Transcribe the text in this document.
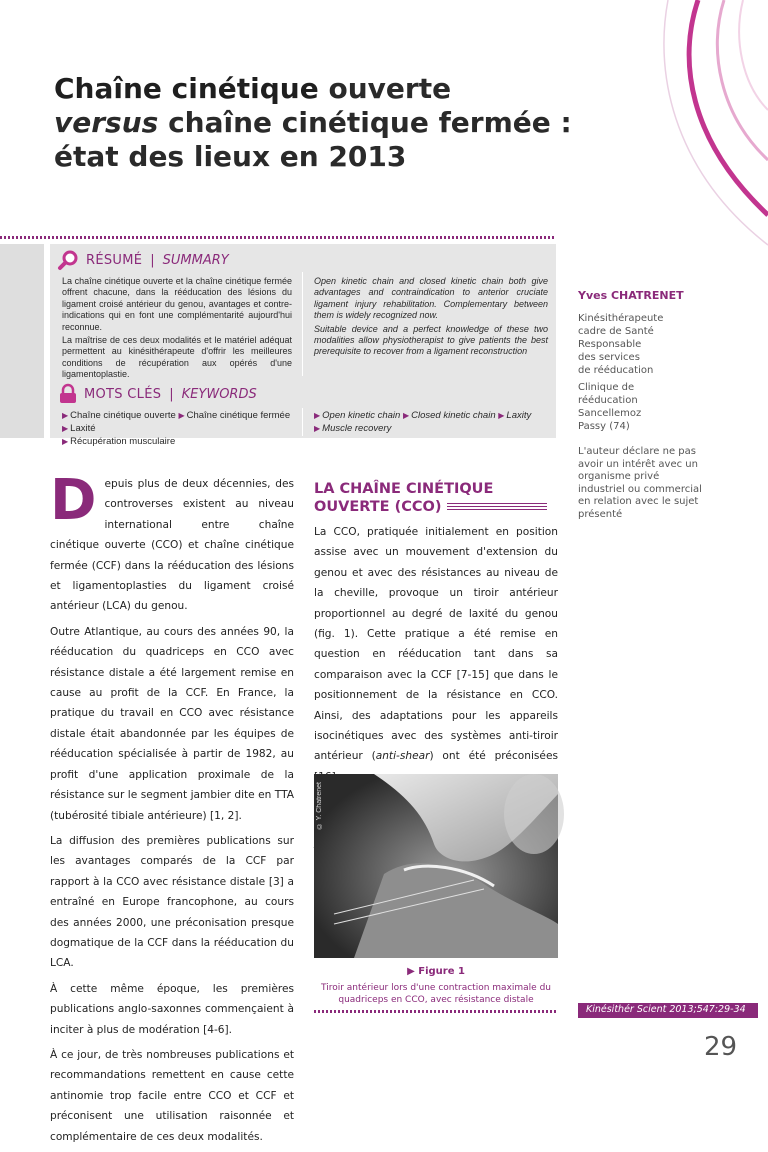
Chaîne cinétique ouverte
versus chaîne cinétique fermée :
état des lieux en 2013
RÉSUMÉ | SUMMARY

La chaîne cinétique ouverte et la chaîne cinétique fermée offrent chacune, dans la rééducation des lésions du ligament croisé antérieur du genou, avantages et contre-indications qui en font une complémentarité aujourd'hui reconnue.

La maîtrise de ces deux modalités et le matériel adéquat permettent au kinésithérapeute d'offrir les meilleures conditions de récupération aux opérés d'une ligamentoplastie.

Open kinetic chain and closed kinetic chain both give advantages and contraindication to anterior cruciate ligament injury rehabilitation. Complementary between them is widely recognized now.

Suitable device and a perfect knowledge of these two modalities allow physiotherapist to give patients the best prerequisite to recover from a ligament reconstruction

MOTS CLÉS | KEYWORDS
▶ Chaîne cinétique ouverte ▶ Chaîne cinétique fermée ▶ Laxité
▶ Récupération musculaire
▶ Open kinetic chain ▶ Closed kinetic chain ▶ Laxity
▶ Muscle recovery
Yves CHATRENET
Kinésithérapeute
cadre de Santé
Responsable
des services
de rééducation
Clinique de
rééducation
Sancellemoz
Passy (74)
L'auteur déclare ne pas avoir un intérêt avec un organisme privé industriel ou commercial en relation avec le sujet présenté

Depuis plus de deux décennies, des controverses existent au niveau international entre chaîne cinétique ouverte (CCO) et chaîne cinétique fermée (CCF) dans la rééducation des lésions et ligamentoplasties du ligament croisé antérieur (LCA) du genou.

Outre Atlantique, au cours des années 90, la rééducation du quadriceps en CCO avec résistance distale a été largement remise en cause au profit de la CCF. En France, la pratique du travail en CCO avec résistance distale était abandonnée par les équipes de rééducation spécialisée à partir de 1982, au profit d'une application proximale de la résistance sur le segment jambier dite en TTA (tubérosité tibiale antérieure) [1, 2].

La diffusion des premières publications sur les avantages comparés de la CCF par rapport à la CCO avec résistance distale [3] a entraîné en Europe francophone, au cours des années 2000, une préconisation presque dogmatique de la CCF dans la rééducation du LCA.

À cette même époque, les premières publications anglo-saxonnes commençaient à inciter à plus de modération [4-6].

À ce jour, de très nombreuses publications et recommandations remettent en cause cette antinomie trop facile entre CCO et CCF et préconisent une utilisation raisonnée et complémentaire de ces deux modalités.

LA CHAÎNE CINÉTIQUE OUVERTE (CCO)

La CCO, pratiquée initialement en position assise avec un mouvement d'extension du genou et avec des résistances au niveau de la cheville, provoque un tiroir antérieur proportionnel au degré de laxité du genou (fig. 1). Cette pratique a été remise en question en rééducation tant dans sa comparaison avec la CCF [7-15] que dans le positionnement de la résistance en CCO. Ainsi, des adaptations pour les appareils isocinétiques avec des systèmes anti-tiroir antérieur (anti-shear) ont été préconisées

© Y. Chatrenet
▶ Figure 1
Tiroir antérieur lors d'une contraction maximale du quadriceps en CCO, avec résistance distale
Kinésithér Scient 2013;547:29-34
29
